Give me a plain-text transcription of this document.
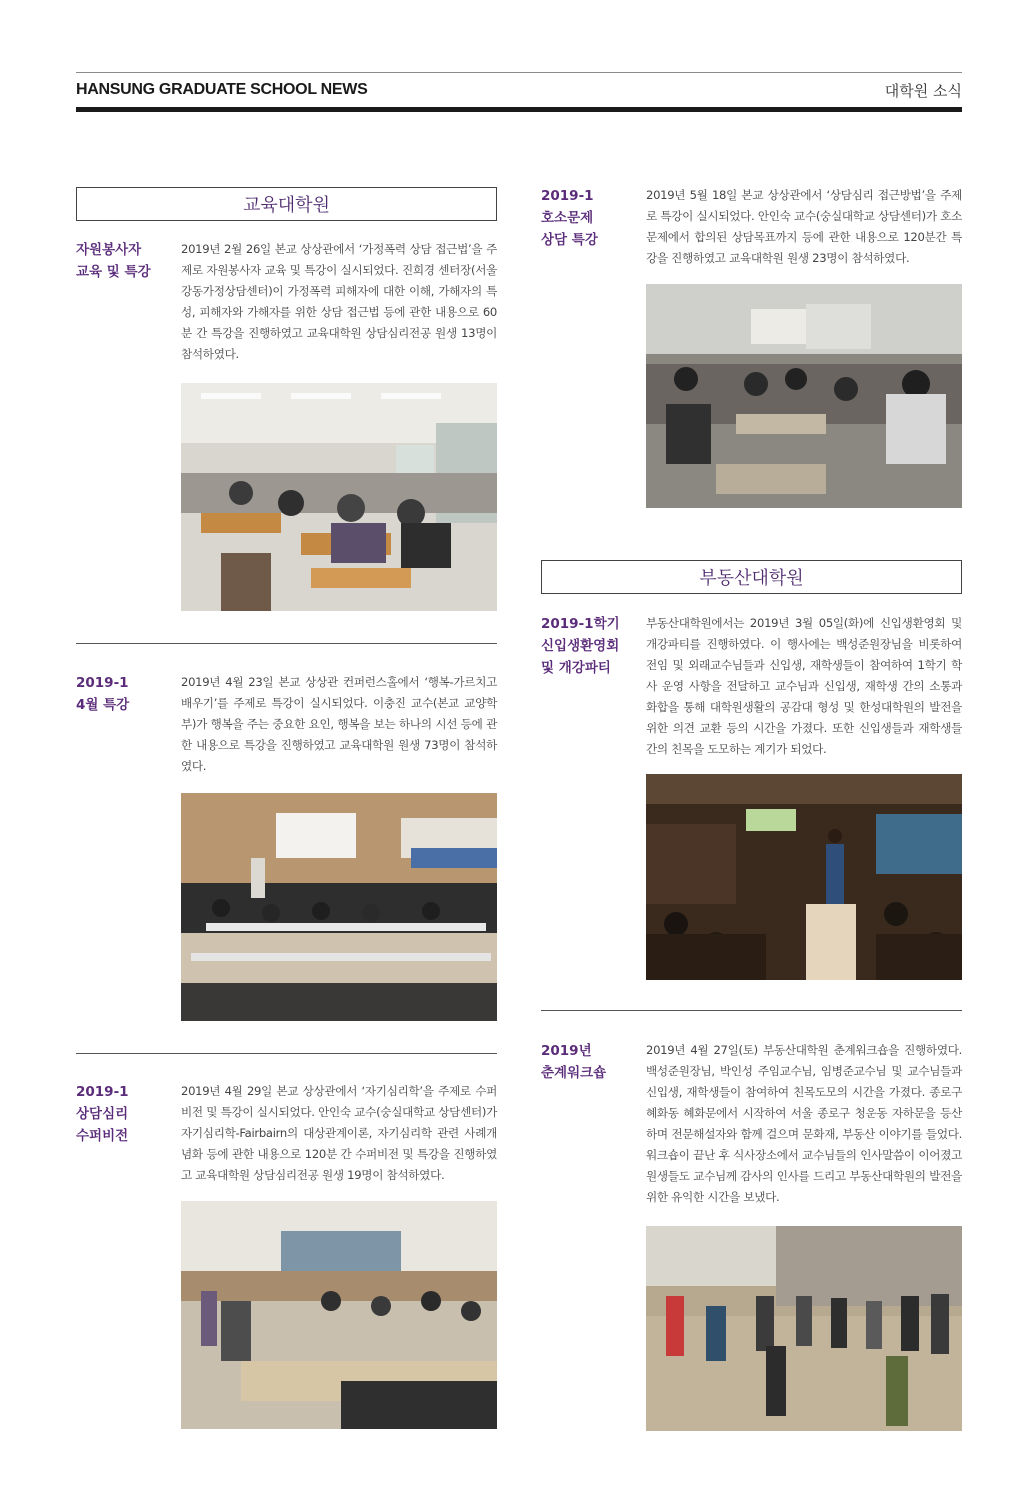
HANSUNG GRADUATE SCHOOL NEWS	대학원 소식
교육대학원
자원봉사자
교육 및 특강
2019년 2월 26일 본교 상상관에서 ‘가정폭력 상담 접근법’을 주제로 자원봉사자 교육 및 특강이 실시되었다. 진희경 센터장(서울강동가정상담센터)이 가정폭력 피해자에 대한 이해, 가해자의 특성, 피해자와 가해자를 위한 상담 접근법 등에 관한 내용으로 60분 간 특강을 진행하였고 교육대학원 상담심리전공 원생 13명이 참석하였다.
2019-1
4월 특강
2019년 4월 23일 본교 상상관 컨퍼런스홀에서 ‘행복-가르치고 배우기’를 주제로 특강이 실시되었다. 이충진 교수(본교 교양학부)가 행복을 주는 중요한 요인, 행복을 보는 하나의 시선 등에 관한 내용으로 특강을 진행하였고 교육대학원 원생 73명이 참석하였다.
2019-1
상담심리
수퍼비전
2019년 4월 29일 본교 상상관에서 ‘자기심리학’을 주제로 수퍼비전 및 특강이 실시되었다. 안인숙 교수(숭실대학교 상담센터)가 자기심리학-Fairbairn의 대상관계이론, 자기심리학 관련 사례개념화 등에 관한 내용으로 120분 간 수퍼비전 및 특강을 진행하였고 교육대학원 상담심리전공 원생 19명이 참석하였다.
2019-1
호소문제
상담 특강
2019년 5월 18일 본교 상상관에서 ‘상담심리 접근방법’을 주제로 특강이 실시되었다. 안인숙 교수(숭실대학교 상담센터)가 호소 문제에서 합의된 상담목표까지 등에 관한 내용으로 120분간 특강을 진행하였고 교육대학원 원생 23명이 참석하였다.
부동산대학원
2019-1학기
신입생환영회
및 개강파티
부동산대학원에서는 2019년 3월 05일(화)에 신입생환영회 및 개강파티를 진행하였다. 이 행사에는 백성준원장님을 비롯하여 전임 및 외래교수님들과 신입생, 재학생들이 참여하여 1학기 학사 운영 사항을 전달하고 교수님과 신입생, 재학생 간의 소통과 화합을 통해 대학원생활의 공감대 형성 및 한성대학원의 발전을 위한 의견 교환 등의 시간을 가졌다. 또한 신입생들과 재학생들 간의 친목을 도모하는 계기가 되었다.
2019년
춘계워크숍
2019년 4월 27일(토) 부동산대학원 춘계워크숍을 진행하였다. 백성준원장님, 박인성 주임교수님, 임병준교수님 및 교수님들과 신입생, 재학생들이 참여하여 친목도모의 시간을 가졌다. 종로구 혜화동 혜화문에서 시작하여 서울 종로구 청운동 자하문을 등산하며 전문해설자와 함께 걸으며 문화재, 부동산 이야기를 들었다. 워크숍이 끝난 후 식사장소에서 교수님들의 인사말씀이 이어졌고 원생들도 교수님께 감사의 인사를 드리고 부동산대학원의 발전을 위한 유익한 시간을 보냈다.
